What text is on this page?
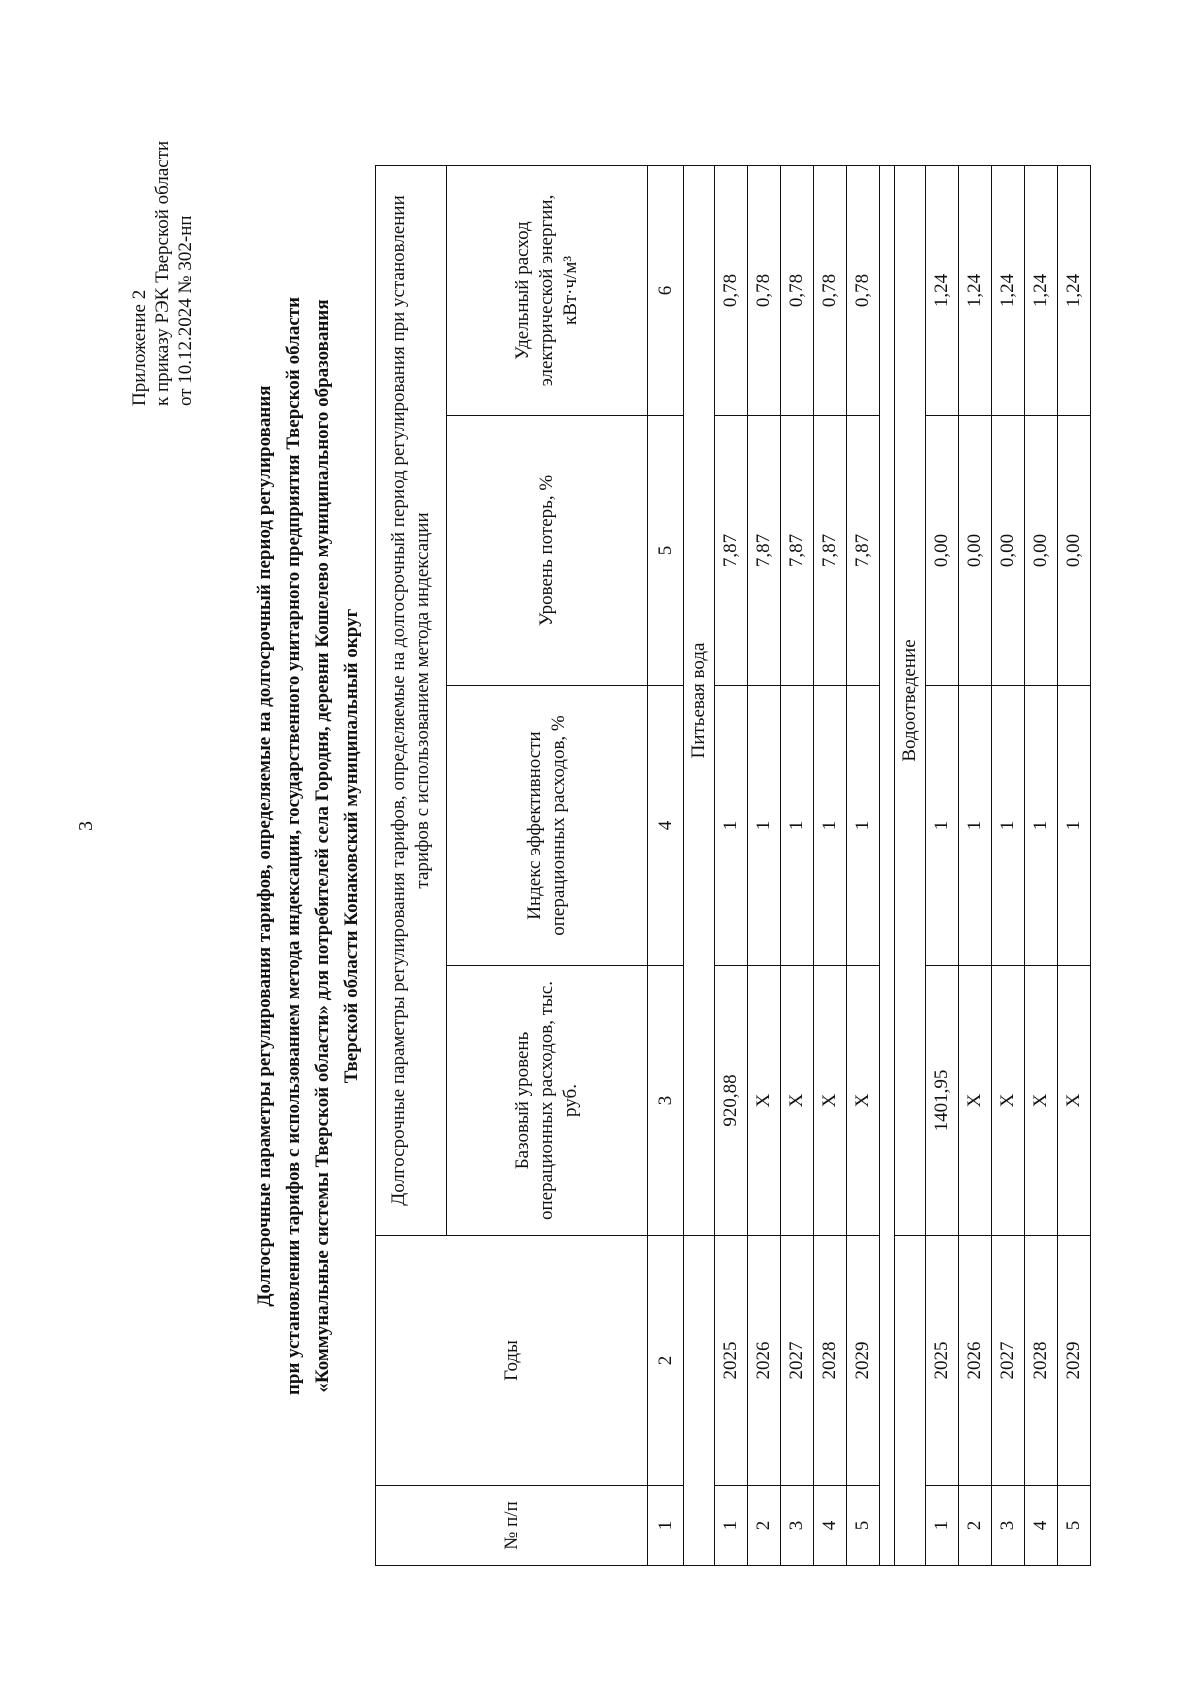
3
Приложение 2 к приказу РЭК Тверской области от 10.12.2024 № 302-нп
Долгосрочные параметры регулирования тарифов, определяемые на долгосрочный период регулирования при установлении тарифов с использованием метода индексации, государственного унитарного предприятия Тверской области «Коммунальные системы Тверской области» для потребителей села Городня, деревни Кошелево муниципального образования Тверской области Конаковский муниципальный округ
№ п/п	Годы	Долгосрочные параметры регулирования тарифов, определяемые на долгосрочный период регулирования при установлении тарифов с использованием метода индексации			
		Базовый уровень операционных расходов, тыс. руб.	Индекс эффективности операционных расходов, %	Уровень потерь, %	Удельный расход электрической энергии, кВт·ч/м³
1	2	3	4	5	6
		Питьевая вода			
1	2025	920,88	1	7,87	0,78
2	2026	Х	1	7,87	0,78
3	2027	Х	1	7,87	0,78
4	2028	Х	1	7,87	0,78
5	2029	Х	1	7,87	0,78

		Водоотведение			
1	2025	1401,95	1	0,00	1,24
2	2026	Х	1	0,00	1,24
3	2027	Х	1	0,00	1,24
4	2028	Х	1	0,00	1,24
5	2029	Х	1	0,00	1,24
